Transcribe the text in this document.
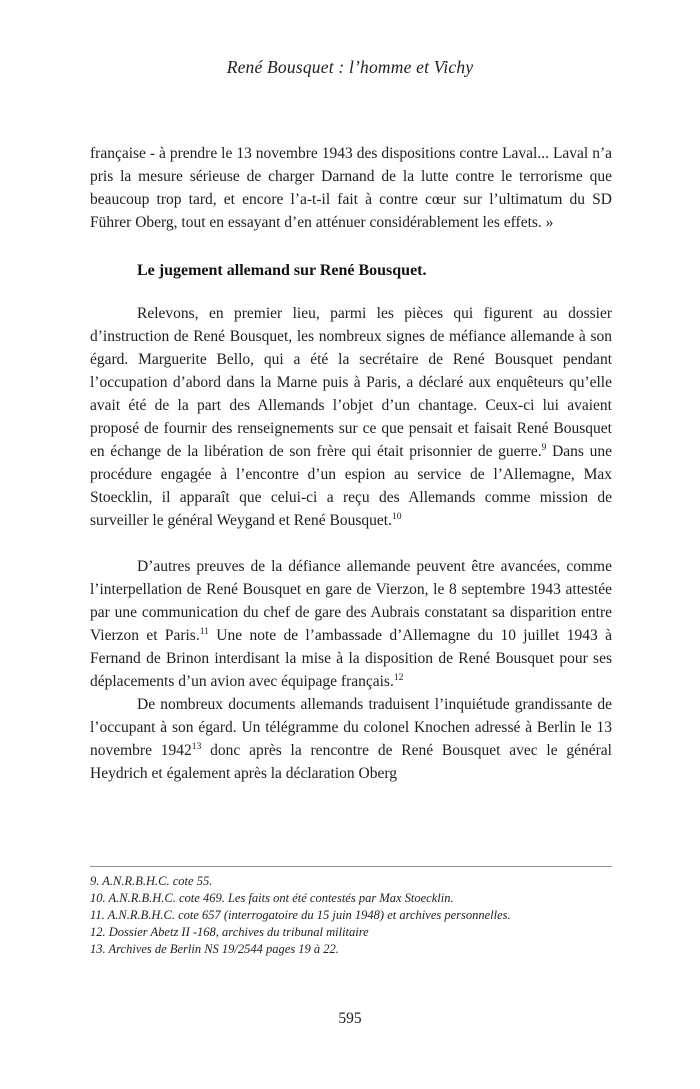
René Bousquet : l’homme et Vichy

française - à prendre le 13 novembre 1943 des dispositions contre Laval... Laval n’a pris la mesure sérieuse de charger Darnand de la lutte contre le terrorisme que beaucoup trop tard, et encore l’a-t-il fait à contre cœur sur l’ultimatum du SD Führer Oberg, tout en essayant d’en atténuer considérablement les effets. »

Le jugement allemand sur René Bousquet.

Relevons, en premier lieu, parmi les pièces qui figurent au dossier d’instruction de René Bousquet, les nombreux signes de méfiance allemande à son égard. Marguerite Bello, qui a été la secrétaire de René Bousquet pendant l’occupation d’abord dans la Marne puis à Paris, a déclaré aux enquêteurs qu’elle avait été de la part des Allemands l’objet d’un chantage. Ceux-ci lui avaient proposé de fournir des renseignements sur ce que pensait et faisait René Bousquet en échange de la libération de son frère qui était prisonnier de guerre.$^9$ Dans une procédure engagée à l’encontre d’un espion au service de l’Allemagne, Max Stoecklin, il apparaît que celui-ci a reçu des Allemands comme mission de surveiller le général Weygand et René Bousquet.$^{10}$

D’autres preuves de la défiance allemande peuvent être avancées, comme l’interpellation de René Bousquet en gare de Vierzon, le 8 septembre 1943 attestée par une communication du chef de gare des Aubrais constatant sa disparition entre Vierzon et Paris.$^{11}$ Une note de l’ambassade d’Allemagne du 10 juillet 1943 à Fernand de Brinon interdisant la mise à la disposition de René Bousquet pour ses déplacements d’un avion avec équipage français.$^{12}$

De nombreux documents allemands traduisent l’inquiétude grandissante de l’occupant à son égard. Un télégramme du colonel Knochen adressé à Berlin le 13 novembre 1942$^{13}$ donc après la rencontre de René Bousquet avec le général Heydrich et également après la déclaration Oberg

9. A.N.R.B.H.C. cote 55.
10. A.N.R.B.H.C. cote 469. Les faits ont été contestés par Max Stoecklin.
11. A.N.R.B.H.C. cote 657 (interrogatoire du 15 juin 1948) et archives personnelles.
12. Dossier Abetz II -168, archives du tribunal militaire
13. Archives de Berlin NS 19/2544 pages 19 à 22.
595
